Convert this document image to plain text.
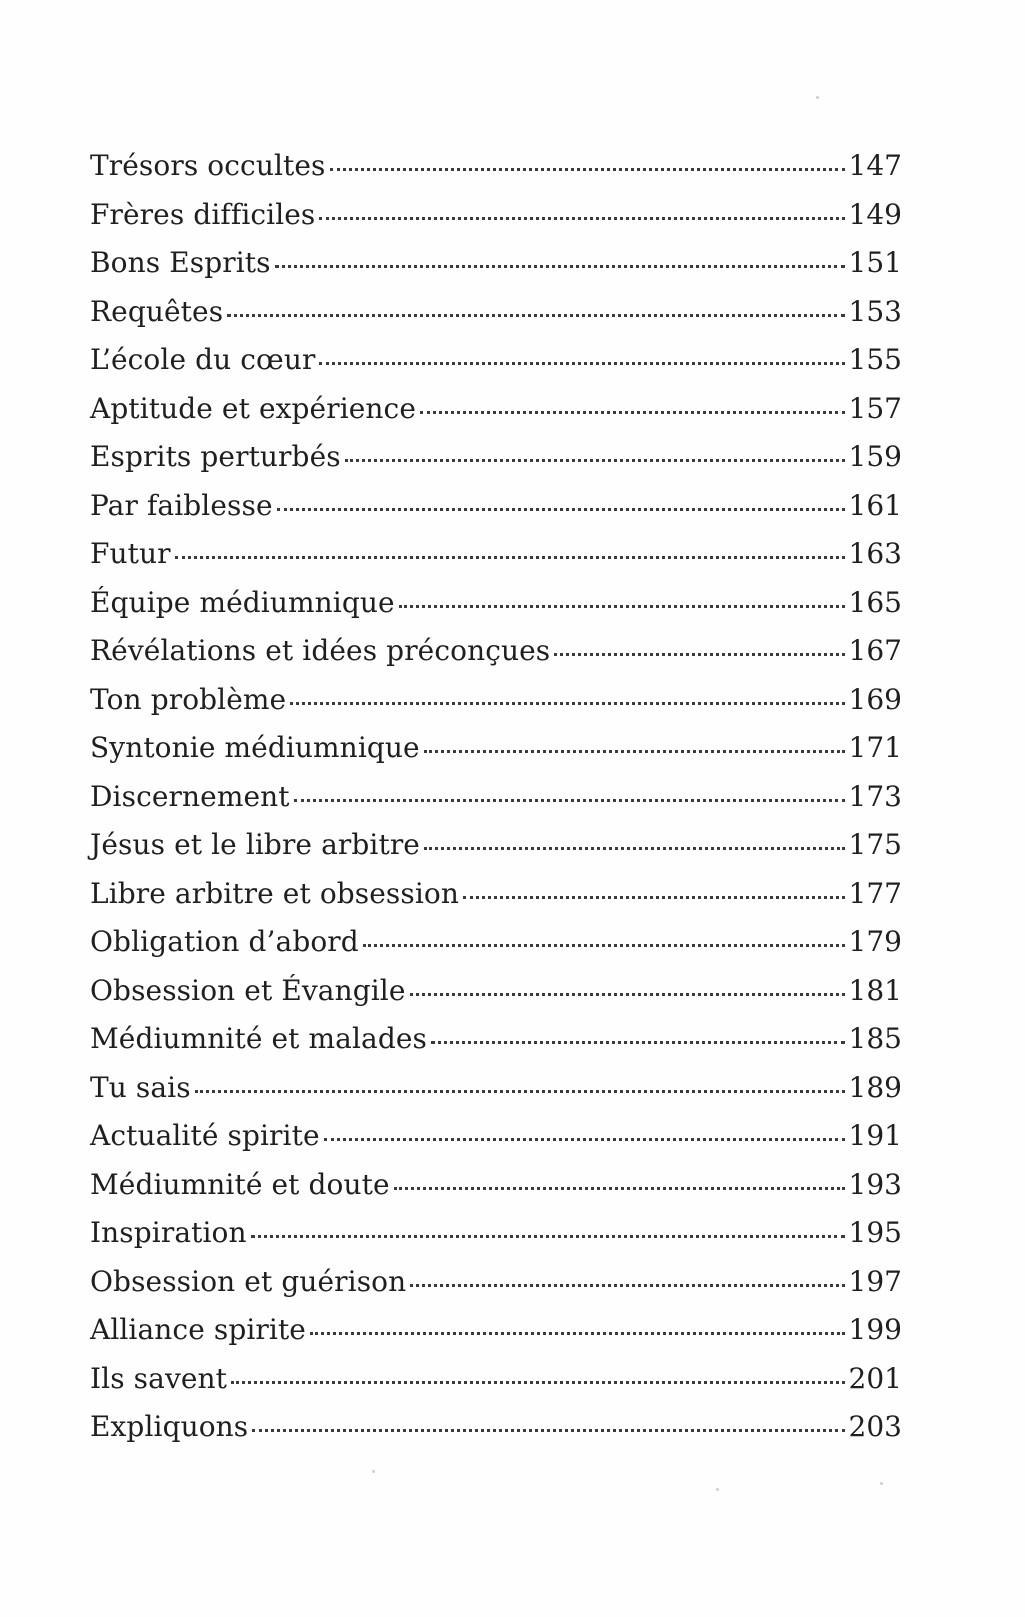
Trésors occultes	147
Frères difficiles	149
Bons Esprits	151
Requêtes	153
L’école du cœur	155
Aptitude et expérience	157
Esprits perturbés	159
Par faiblesse	161
Futur	163
Équipe médiumnique	165
Révélations et idées préconçues	167
Ton problème	169
Syntonie médiumnique	171
Discernement	173
Jésus et le libre arbitre	175
Libre arbitre et obsession	177
Obligation d’abord	179
Obsession et Évangile	181
Médiumnité et malades	185
Tu sais	189
Actualité spirite	191
Médiumnité et doute	193
Inspiration	195
Obsession et guérison	197
Alliance spirite	199
Ils savent	201
Expliquons	203
